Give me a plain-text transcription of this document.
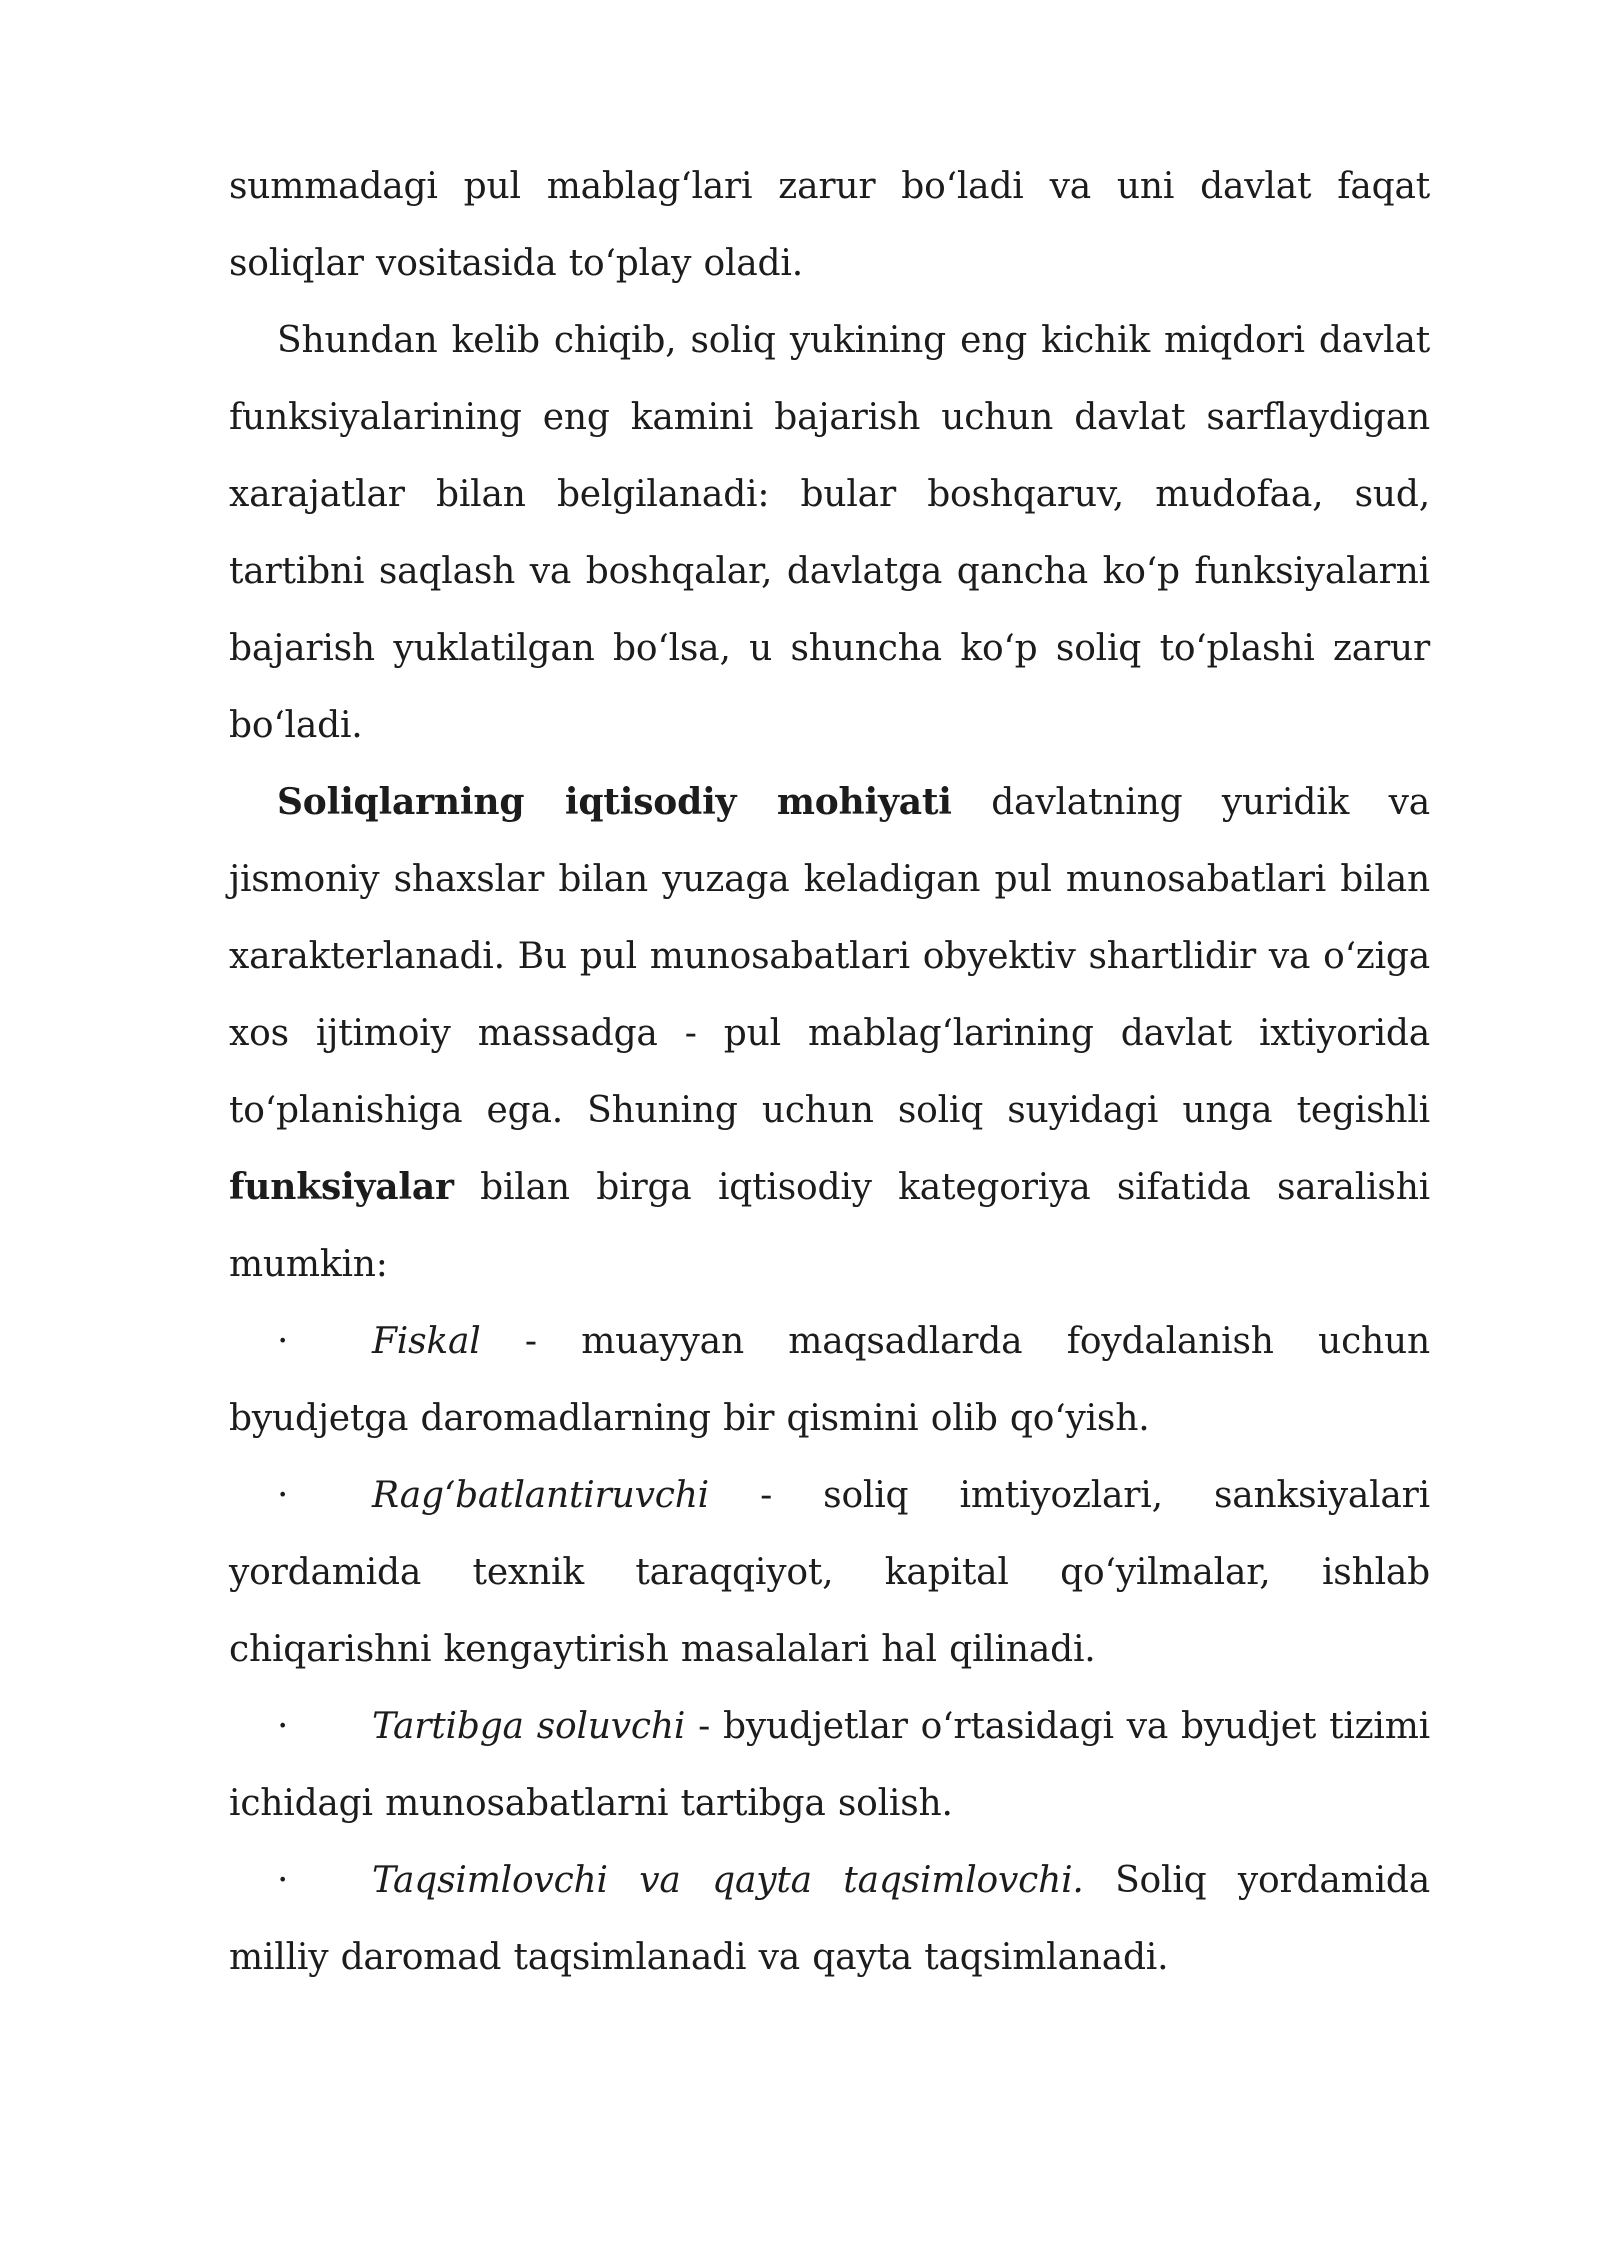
summadagi pul mablagʻlari zarur boʻladi va uni davlat faqat soliqlar vositasida toʻplay oladi.

Shundan kelib chiqib, soliq yukining eng kichik miqdori davlat funksiyalarining eng kamini bajarish uchun davlat sarflaydigan xarajatlar bilan belgilanadi: bular boshqaruv, mudofaa, sud, tartibni saqlash va boshqalar, davlatga qancha koʻp funksiyalarni bajarish yuklatilgan boʻlsa, u shuncha koʻp soliq toʻplashi zarur boʻladi.

Soliqlarning iqtisodiy mohiyati davlatning yuridik va jismoniy shaxslar bilan yuzaga keladigan pul munosabatlari bilan xarakterlanadi. Bu pul munosabatlari obyektiv shartlidir va oʻziga xos ijtimoiy massadga - pul mablagʻlarining davlat ixtiyorida toʻplanishiga ega. Shuning uchun soliq suyidagi unga tegishli funksiyalar bilan birga iqtisodiy kategoriya sifatida saralishi mumkin:

· Fiskal - muayyan maqsadlarda foydalanish uchun byudjetga daromadlarning bir qismini olib qoʻyish.

· Ragʻbatlantiruvchi - soliq imtiyozlari, sanksiyalari yordamida texnik taraqqiyot, kapital qoʻyilmalar, ishlab chiqarishni kengaytirish masalalari hal qilinadi.

· Tartibga soluvchi - byudjetlar oʻrtasidagi va byudjet tizimi ichidagi munosabatlarni tartibga solish.

· Taqsimlovchi va qayta taqsimlovchi. Soliq yordamida milliy daromad taqsimlanadi va qayta taqsimlanadi.
